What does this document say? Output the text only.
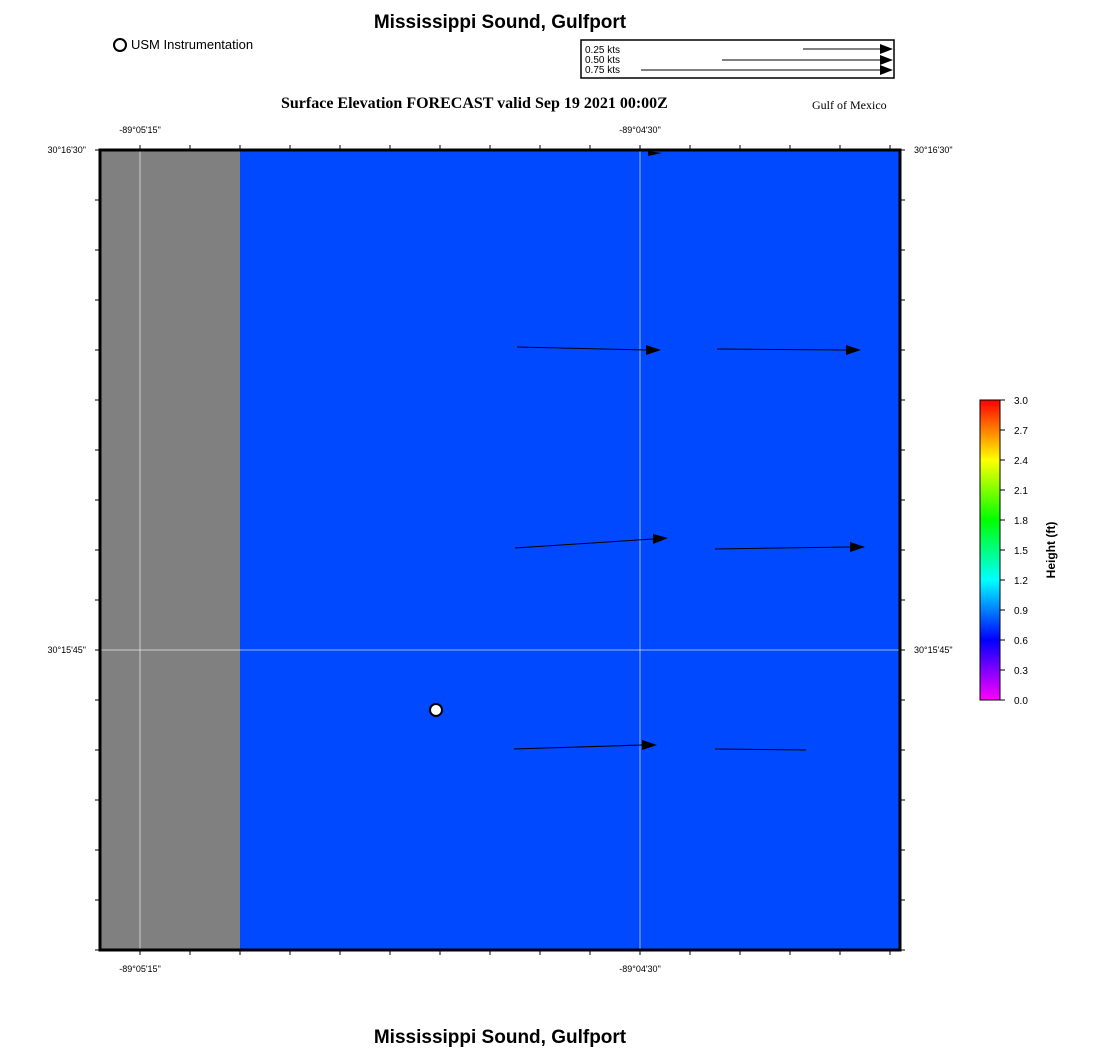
Mississippi Sound, Gulfport
USM Instrumentation
Surface Elevation FORECAST valid Sep 19 2021 00:00Z	Gulf of Mexico
0.25 kts
0.50 kts
0.75 kts
-89°05'15"	-89°04'30"
-89°05'15"	-89°04'30"
30°16'30"
30°15'45"
30°16'30"
30°15'45"
3.0
2.7
2.4
2.1
1.8
1.5
1.2
0.9
0.6
0.3
0.0
Height (ft)
Mississippi Sound, Gulfport
